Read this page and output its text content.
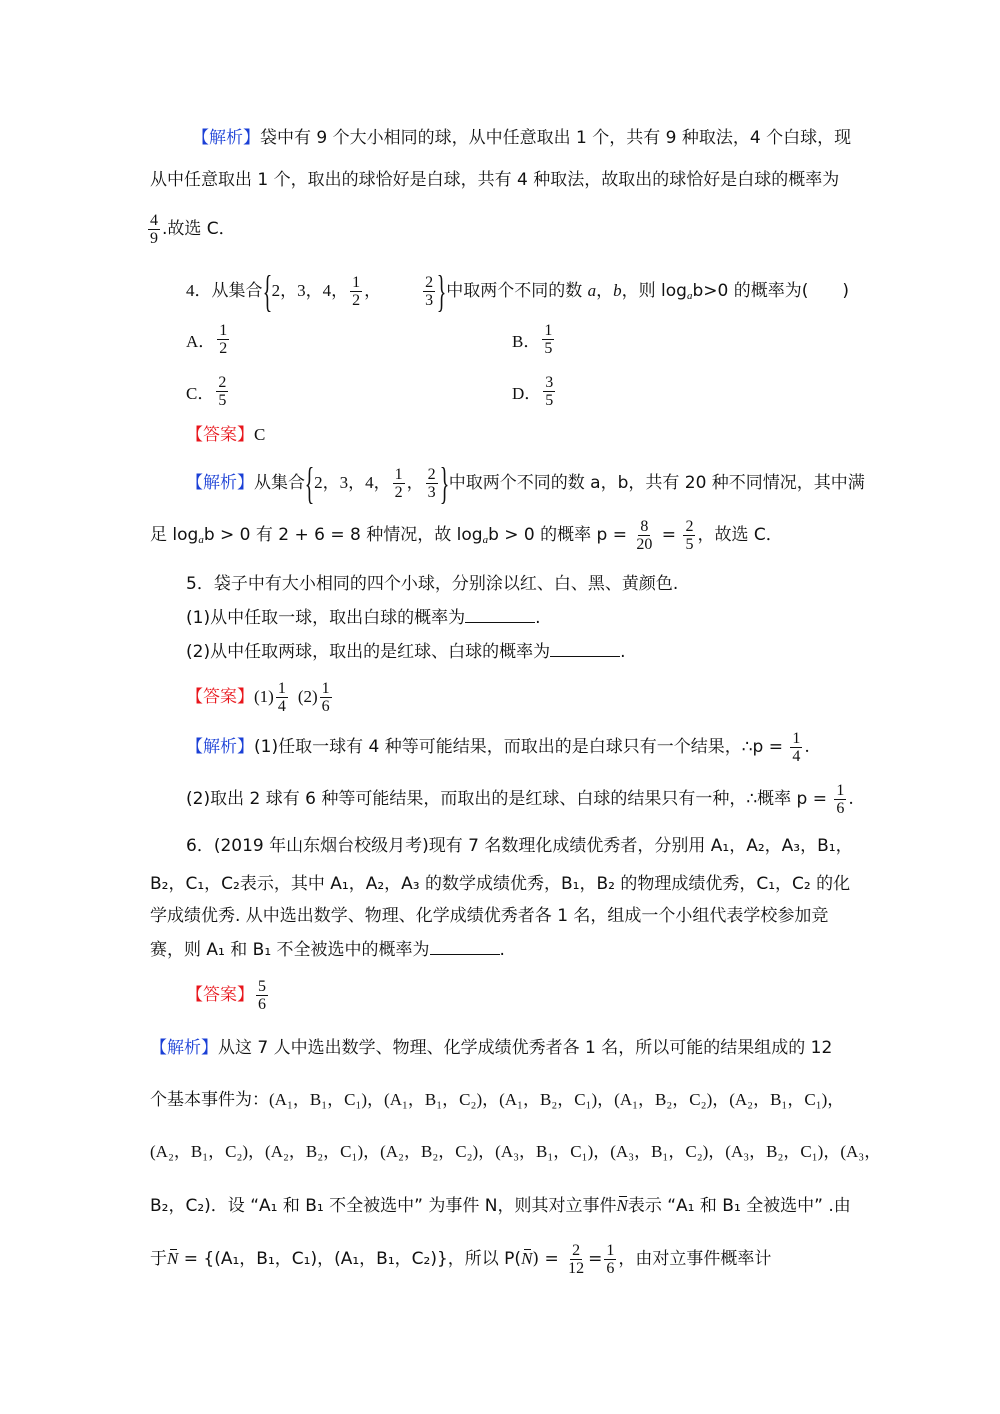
【解析】袋中有 9 个大小相同的球，从中任意取出 1 个，共有 9 种取法，4 个白球，现
从中任意取出 1 个，取出的球恰好是白球，共有 4 种取法，故取出的球恰好是白球的概率为
$\frac{4}{9}$ .故选 C．
4．从集合{2，3，4， $\frac{1}{2}$ ，	$\frac{2}{3}$ }中取两个不同的数 a，b，则 $\log_ab>0$ 的概率为(　　)
A． $\frac{1}{2}$	B． $\frac{1}{5}$
C． $\frac{2}{5}$	D． $\frac{3}{5}$
【答案】C
【解析】从集合{2，3，4， $\frac{1}{2}$ ， $\frac{2}{3}$ }中取两个不同的数 a，b，共有 20 种不同情况，其中满
足 $\log_ab > 0$ 有 2 + 6 = 8 种情况，故 $\log_ab > 0$ 的概率 $p = \frac{8}{20} = \frac{2}{5}$ ，故选 C．
5．袋子中有大小相同的四个小球，分别涂以红、白、黑、黄颜色.
(1)从中任取一球，取出白球的概率为	.
(2)从中任取两球，取出的是红球、白球的概率为	.
【答案】$(1) \frac{1}{4} (2) \frac{1}{6}$
【解析】(1)任取一球有 4 种等可能结果，而取出的是白球只有一个结果，∴p = $\frac{1}{4}$ .
(2)取出 2 球有 6 种等可能结果，而取出的是红球、白球的结果只有一种，∴概率 $p = \frac{1}{6}$ .
6．(2019 年山东烟台校级月考)现有 7 名数理化成绩优秀者，分别用 A₁，A₂，A₃，B₁，
B₂，C₁，C₂表示，其中 A₁，A₂，A₃ 的数学成绩优秀，B₁，B₂ 的物理成绩优秀，C₁，C₂ 的化
学成绩优秀. 从中选出数学、物理、化学成绩优秀者各 1 名，组成一个小组代表学校参加竞
赛，则 A₁ 和 B₁ 不全被选中的概率为	.
【答案】 $\frac{5}{6}$
【解析】从这 7 人中选出数学、物理、化学成绩优秀者各 1 名，所以可能的结果组成的 12
个基本事件为：(A₁，B₁，C₁)，(A₁，B₁，C₂)，(A₁，B₂，C₁)，(A₁，B₂，C₂)，(A₂，B₁，C₁)，
(A₂，B₁，C₂)，(A₂，B₂，C₁)，(A₂，B₂，C₂)，(A₃，B₁，C₁)，(A₃，B₁，C₂)，(A₃，B₂，C₁)，(A₃，
B₂，C₂)．设 “A₁ 和 B₁ 不全被选中” 为事件 N，则其对立事件N表示 “A₁ 和 B₁ 全被选中” .由
于N = {(A₁，B₁，C₁)，(A₁，B₁，C₂)}，所以 $P(N) = \frac{2}{12} = \frac{1}{6}$ ，由对立事件概率计
